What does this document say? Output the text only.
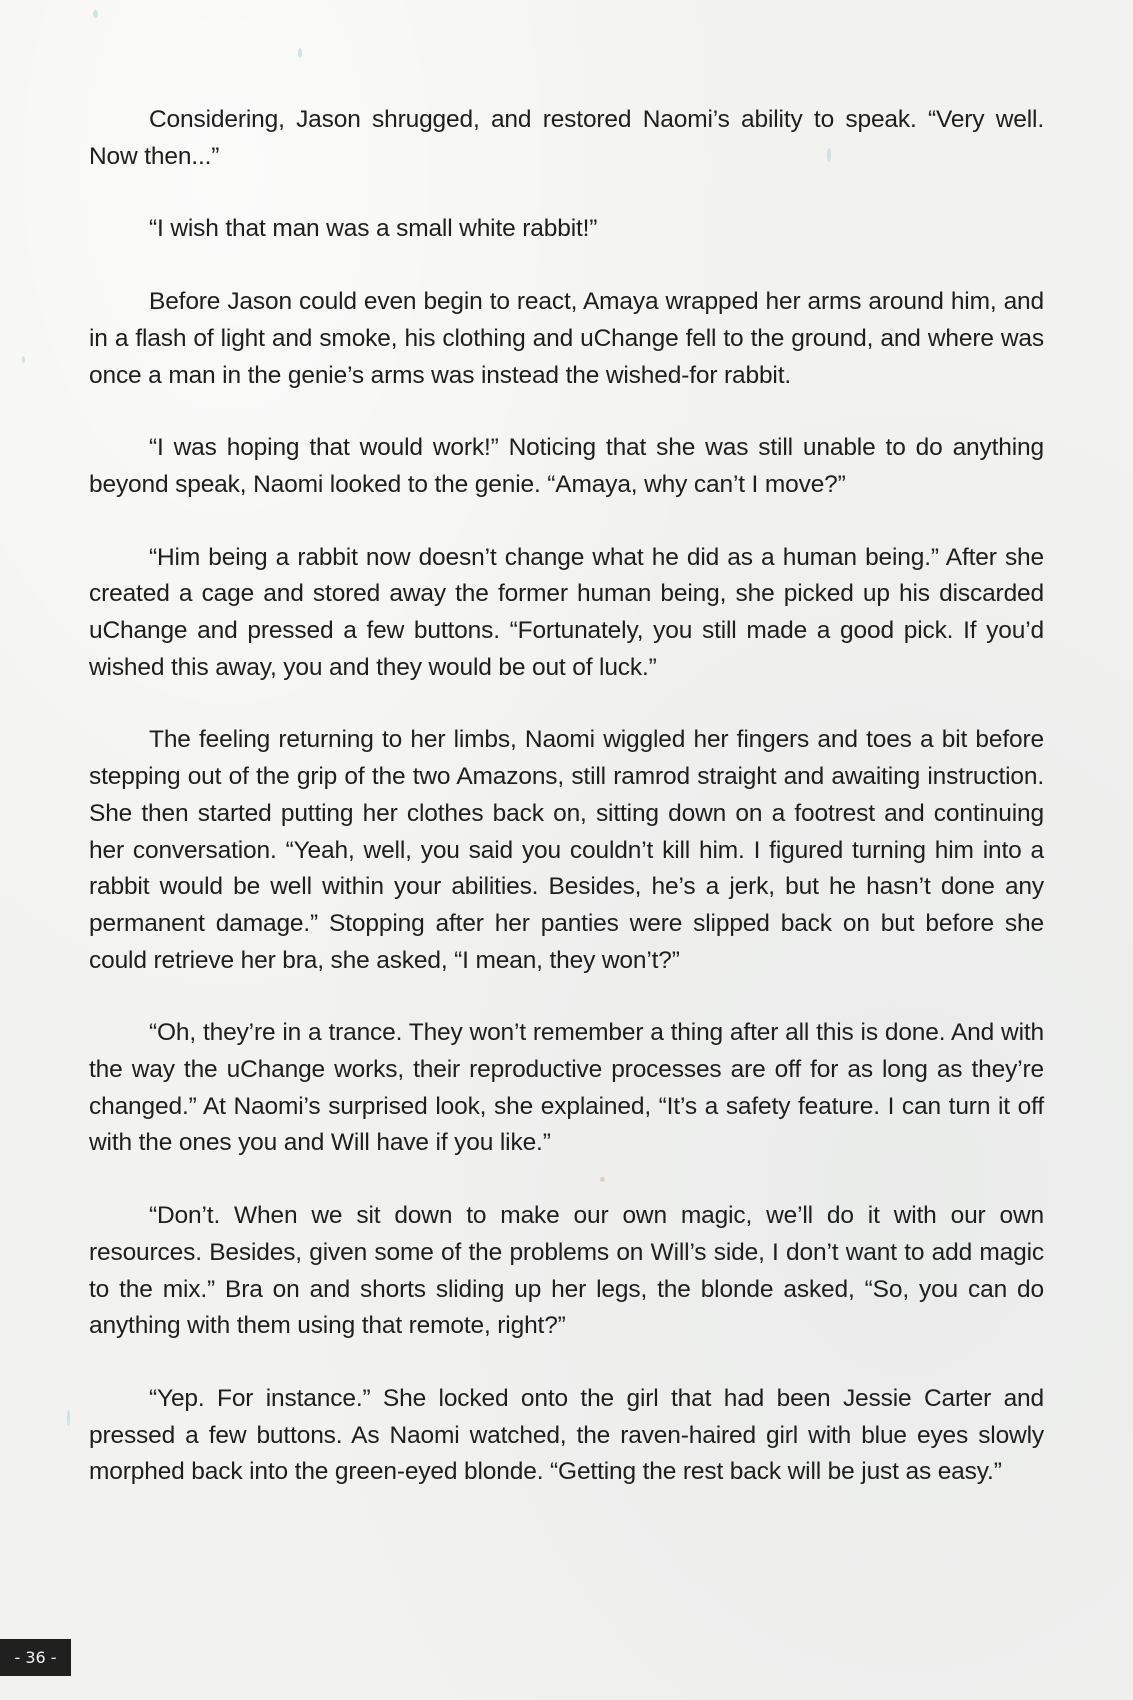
Considering, Jason shrugged, and restored Naomi’s ability to speak. “Very well. Now then...”

“I wish that man was a small white rabbit!”

Before Jason could even begin to react, Amaya wrapped her arms around him, and in a flash of light and smoke, his clothing and uChange fell to the ground, and where was once a man in the genie’s arms was instead the wished-for rabbit.

“I was hoping that would work!” Noticing that she was still unable to do anything beyond speak, Naomi looked to the genie. “Amaya, why can’t I move?”

“Him being a rabbit now doesn’t change what he did as a human being.” After she created a cage and stored away the former human being, she picked up his discarded uChange and pressed a few buttons. “Fortunately, you still made a good pick. If you’d wished this away, you and they would be out of luck.”

The feeling returning to her limbs, Naomi wiggled her fingers and toes a bit before stepping out of the grip of the two Amazons, still ramrod straight and awaiting instruction. She then started putting her clothes back on, sitting down on a footrest and continuing her conversation. “Yeah, well, you said you couldn’t kill him. I figured turning him into a rabbit would be well within your abilities. Besides, he’s a jerk, but he hasn’t done any permanent damage.” Stopping after her panties were slipped back on but before she could retrieve her bra, she asked, “I mean, they won’t?”

“Oh, they’re in a trance. They won’t remember a thing after all this is done. And with the way the uChange works, their reproductive processes are off for as long as they’re changed.” At Naomi’s surprised look, she explained, “It’s a safety feature. I can turn it off with the ones you and Will have if you like.”

“Don’t. When we sit down to make our own magic, we’ll do it with our own resources. Besides, given some of the problems on Will’s side, I don’t want to add magic to the mix.” Bra on and shorts sliding up her legs, the blonde asked, “So, you can do anything with them using that remote, right?”

“Yep. For instance.” She locked onto the girl that had been Jessie Carter and pressed a few buttons. As Naomi watched, the raven-haired girl with blue eyes slowly morphed back into the green-eyed blonde. “Getting the rest back will be just as easy.”

- 36 -
